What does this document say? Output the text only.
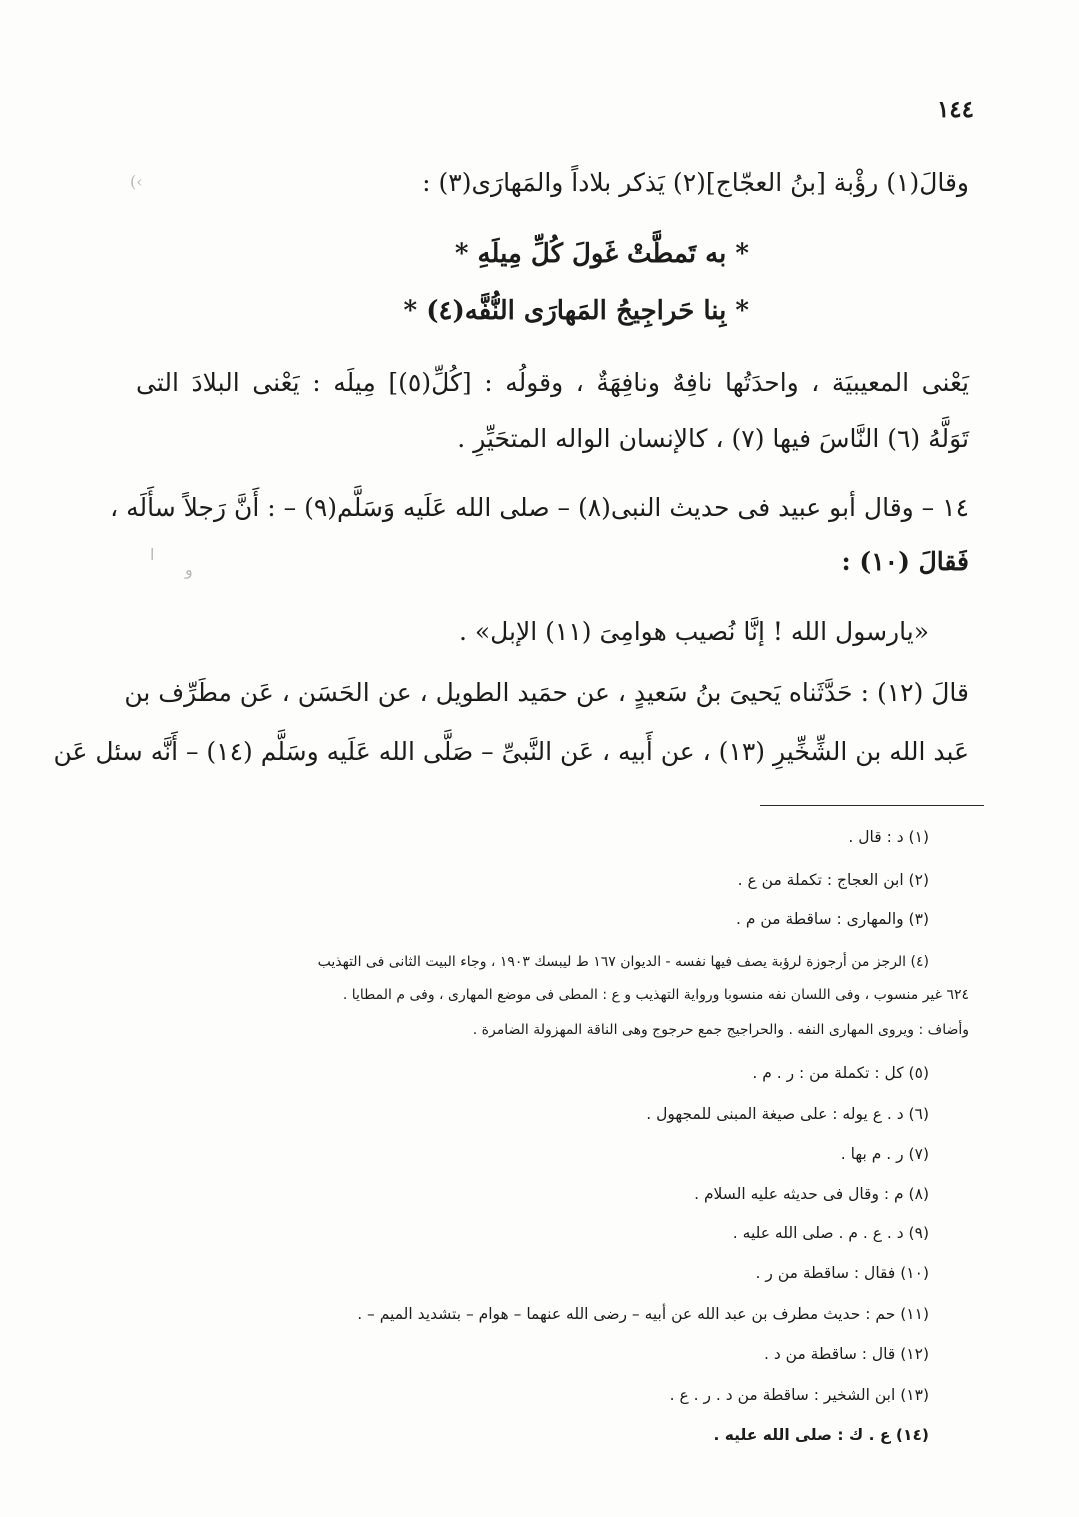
١٤٤
(‹
ا
و
وقالَ(١) رؤْبة [بنُ العجّاج](٢) يَذكر بلاداً والمَهارَى(٣) :
* به تَمطَّتْ غَولَ كُلِّ مِيلَهِ *
* بِنا حَراجِيجُ المَهارَى النُّفَّه(٤) *
يَعْنى المعيبيَة ، واحدَتُها نافِهٌ ونافِهَةٌ ، وقولُه : [كُلِّ(٥)] مِيلَه : يَعْنى البلادَ التى
تَوَلَّهُ (٦) النَّاسَ فيها (٧) ، كالإنسان الواله المتحَيِّرِ .
١٤ – وقال أبو عبيد فى حديث النبى(٨) – صلى الله عَلَيه وَسَلَّم(٩) – : أَنَّ رَجلاً سأَلَه ،
فَقالَ (١٠) :
«يارسول الله ! إنَّا نُصيب هوامِىَ (١١) الإبل» .
قالَ (١٢) : حَدَّثَناه يَحيىَ بنُ سَعيدٍ ، عن حمَيد الطويل ، عن الحَسَن ، عَن مطَرِّف بن
عَبد الله بن الشِّخِّيرِ (١٣) ، عن أَبيه ، عَن النَّبىِّ – صَلَّى الله عَلَيه وسَلَّم (١٤) – أَنَّه سئل عَن
(١) د : قال .
(٢) ابن العجاج : تكملة من ع .
(٣) والمهارى : ساقطة من م .
(٤) الرجز من أرجوزة لرؤبة يصف فيها نفسه - الديوان ١٦٧ ط ليبسك ١٩٠٣ ، وجاء البيت الثانى فى التهذيب
٦٢٤ غير منسوب ، وفى اللسان نفه منسوبا ورواية التهذيب و ع : المطى فى موضع المهارى ، وفى م المطايا .
وأضاف : ويروى المهارى النفه . والحراجيج جمع حرجوج وهى الناقة المهزولة الضامرة .
(٥) كل : تكملة من : ر . م .
(٦) د . ع يوله : على صيغة المبنى للمجهول .
(٧) ر . م بها .
(٨) م : وقال فى حديثه عليه السلام .
(٩) د . ع . م . صلى الله عليه .
(١٠) فقال : ساقطة من ر .
(١١) حم : حديث مطرف بن عبد الله عن أبيه – رضى الله عنهما – هوام – بتشديد الميم – .
(١٢) قال : ساقطة من د .
(١٣) ابن الشخير : ساقطة من د . ر . ع .
(١٤) ع . ك : صلى الله عليه .
